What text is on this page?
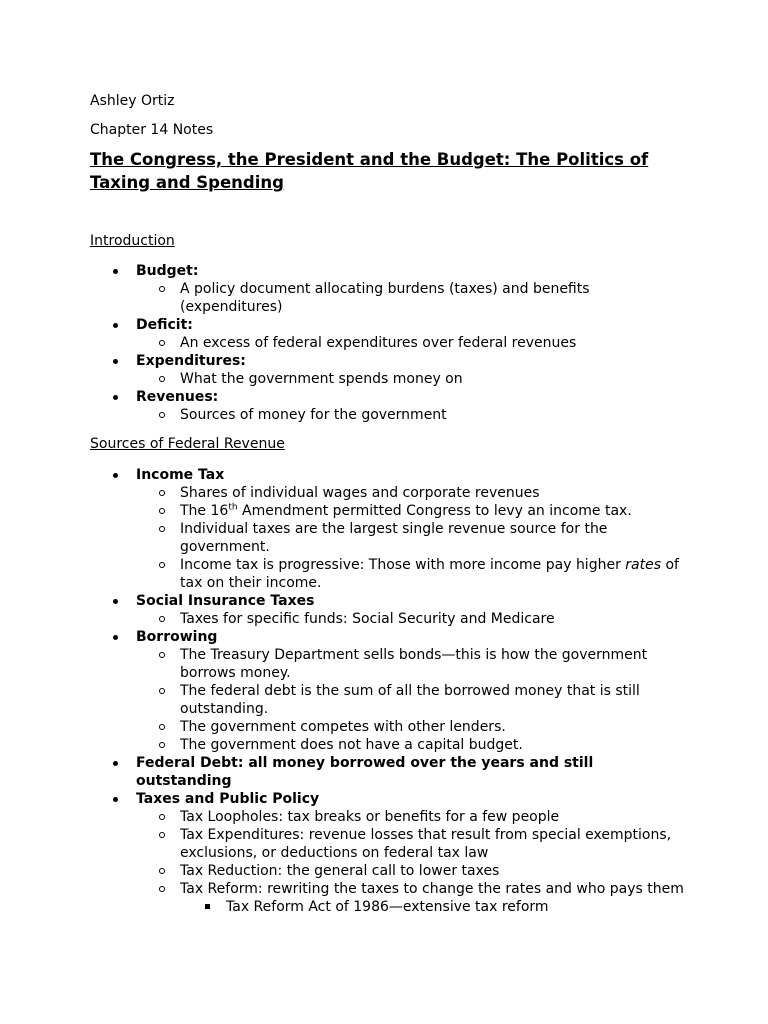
Ashley Ortiz

Chapter 14 Notes

The Congress, the President and the Budget: The Politics of Taxing and Spending

Introduction

Budget:
A policy document allocating burdens (taxes) and benefits (expenditures)
Deficit:
An excess of federal expenditures over federal revenues
Expenditures:
What the government spends money on
Revenues:
Sources of money for the government

Sources of Federal Revenue

Income Tax
Shares of individual wages and corporate revenues
The 16th Amendment permitted Congress to levy an income tax.
Individual taxes are the largest single revenue source for the government.
Income tax is progressive: Those with more income pay higher rates of tax on their income.
Social Insurance Taxes
Taxes for specific funds: Social Security and Medicare
Borrowing
The Treasury Department sells bonds—this is how the government borrows money.
The federal debt is the sum of all the borrowed money that is still outstanding.
The government competes with other lenders.
The government does not have a capital budget.
Federal Debt: all money borrowed over the years and still outstanding
Taxes and Public Policy
Tax Loopholes: tax breaks or benefits for a few people
Tax Expenditures: revenue losses that result from special exemptions, exclusions, or deductions on federal tax law
Tax Reduction: the general call to lower taxes
Tax Reform: rewriting the taxes to change the rates and who pays them
Tax Reform Act of 1986—extensive tax reform
